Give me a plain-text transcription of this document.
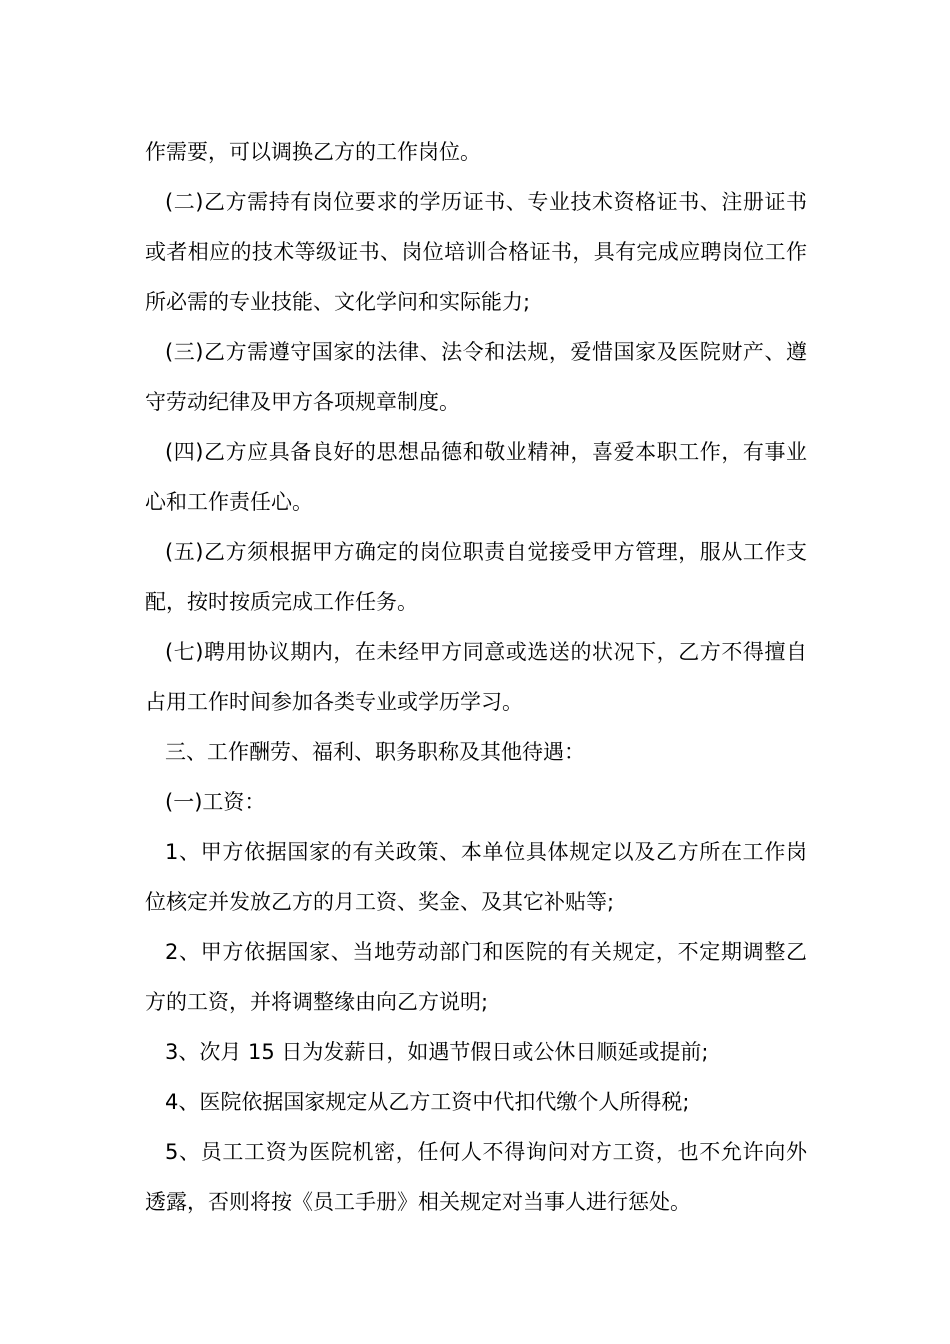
作需要，可以调换乙方的工作岗位。

(二)乙方需持有岗位要求的学历证书、专业技术资格证书、注册证书或者相应的技术等级证书、岗位培训合格证书，具有完成应聘岗位工作所必需的专业技能、文化学问和实际能力;

(三)乙方需遵守国家的法律、法令和法规，爱惜国家及医院财产、遵守劳动纪律及甲方各项规章制度。

(四)乙方应具备良好的思想品德和敬业精神，喜爱本职工作，有事业心和工作责任心。

(五)乙方须根据甲方确定的岗位职责自觉接受甲方管理，服从工作支配，按时按质完成工作任务。

(七)聘用协议期内，在未经甲方同意或选送的状况下，乙方不得擅自占用工作时间参加各类专业或学历学习。

三、工作酬劳、福利、职务职称及其他待遇：

(一)工资：

1、甲方依据国家的有关政策、本单位具体规定以及乙方所在工作岗位核定并发放乙方的月工资、奖金、及其它补贴等;

2、甲方依据国家、当地劳动部门和医院的有关规定，不定期调整乙方的工资，并将调整缘由向乙方说明;

3、次月 15 日为发薪日，如遇节假日或公休日顺延或提前;

4、医院依据国家规定从乙方工资中代扣代缴个人所得税;

5、员工工资为医院机密，任何人不得询问对方工资，也不允许向外透露，否则将按《员工手册》相关规定对当事人进行惩处。
